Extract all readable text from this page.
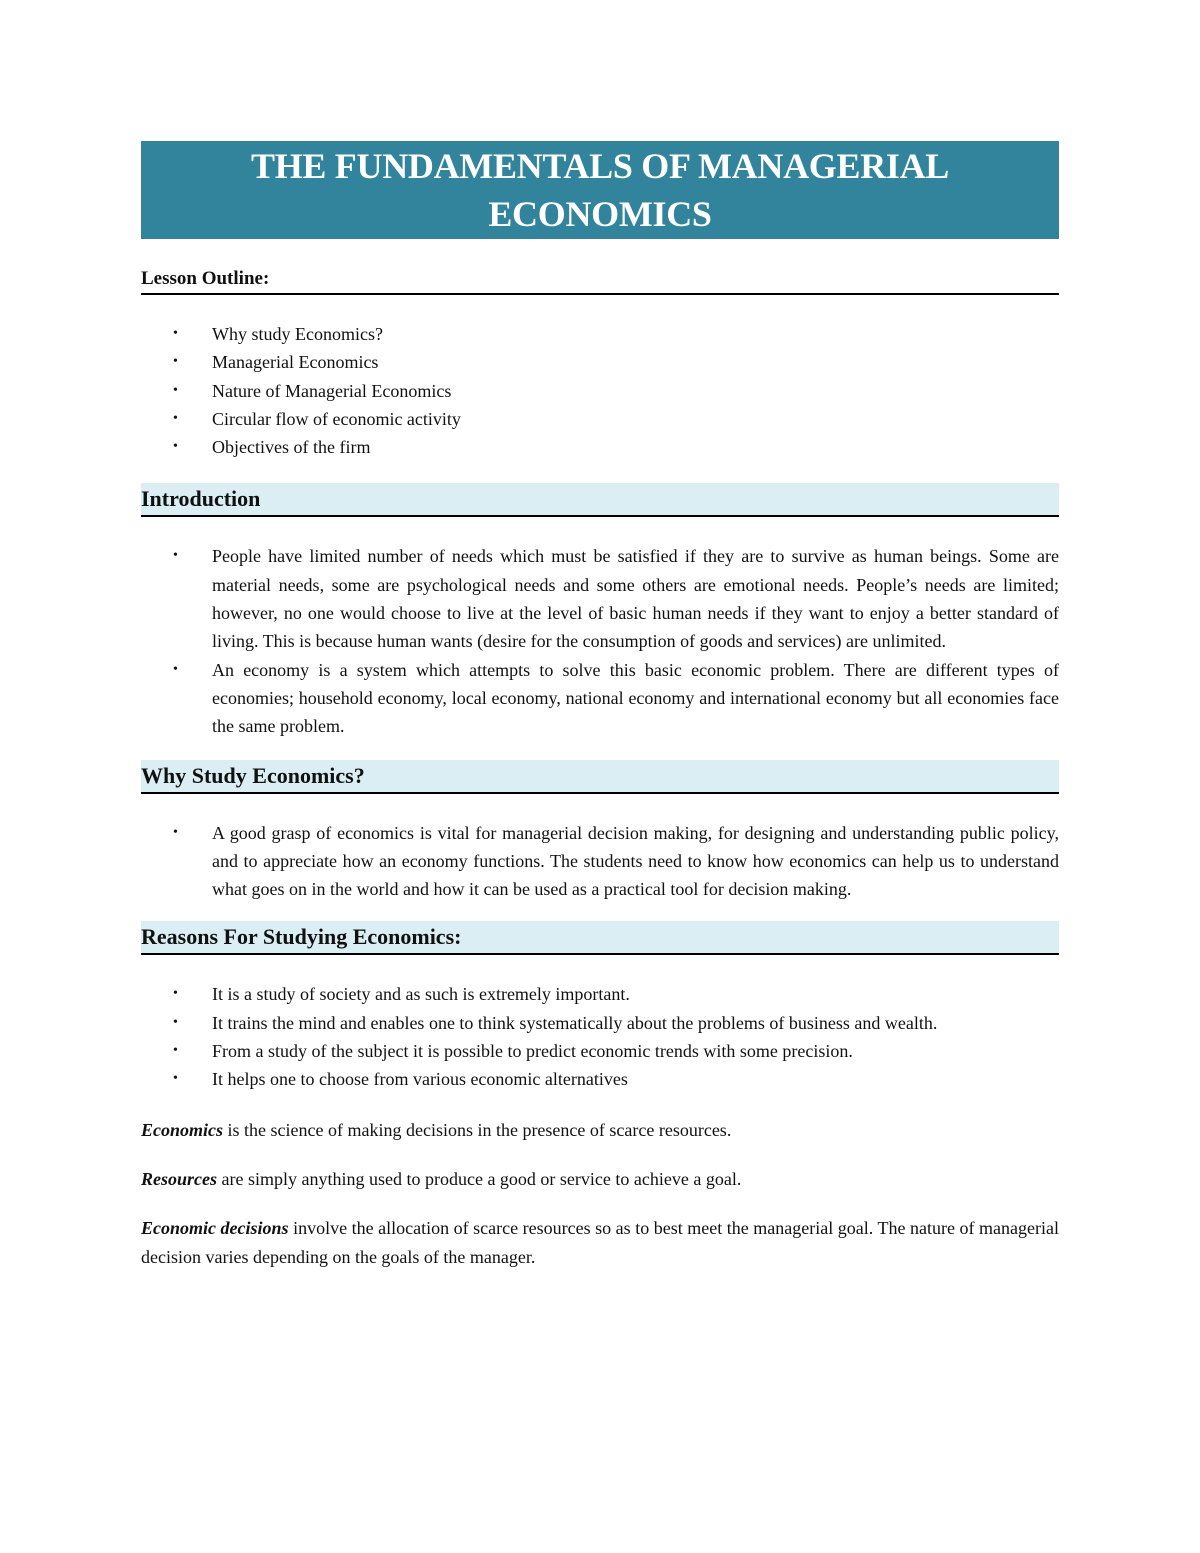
THE FUNDAMENTALS OF MANAGERIAL
ECONOMICS
Lesson Outline:
• Why study Economics?
• Managerial Economics
• Nature of Managerial Economics
• Circular flow of economic activity
• Objectives of the firm
Introduction
• People have limited number of needs which must be satisfied if they are to survive as human beings. Some are material needs, some are psychological needs and some others are emotional needs. People’s needs are limited; however, no one would choose to live at the level of basic human needs if they want to enjoy a better standard of living. This is because human wants (desire for the consumption of goods and services) are unlimited.
• An economy is a system which attempts to solve this basic economic problem. There are different types of economies; household economy, local economy, national economy and international economy but all economies face the same problem.
Why Study Economics?
• A good grasp of economics is vital for managerial decision making, for designing and understanding public policy, and to appreciate how an economy functions. The students need to know how economics can help us to understand what goes on in the world and how it can be used as a practical tool for decision making.
Reasons For Studying Economics:
• It is a study of society and as such is extremely important.
• It trains the mind and enables one to think systematically about the problems of business and wealth.
• From a study of the subject it is possible to predict economic trends with some precision.
• It helps one to choose from various economic alternatives

Economics is the science of making decisions in the presence of scarce resources.

Resources are simply anything used to produce a good or service to achieve a goal.

Economic decisions involve the allocation of scarce resources so as to best meet the managerial goal. The nature of managerial decision varies depending on the goals of the manager.
